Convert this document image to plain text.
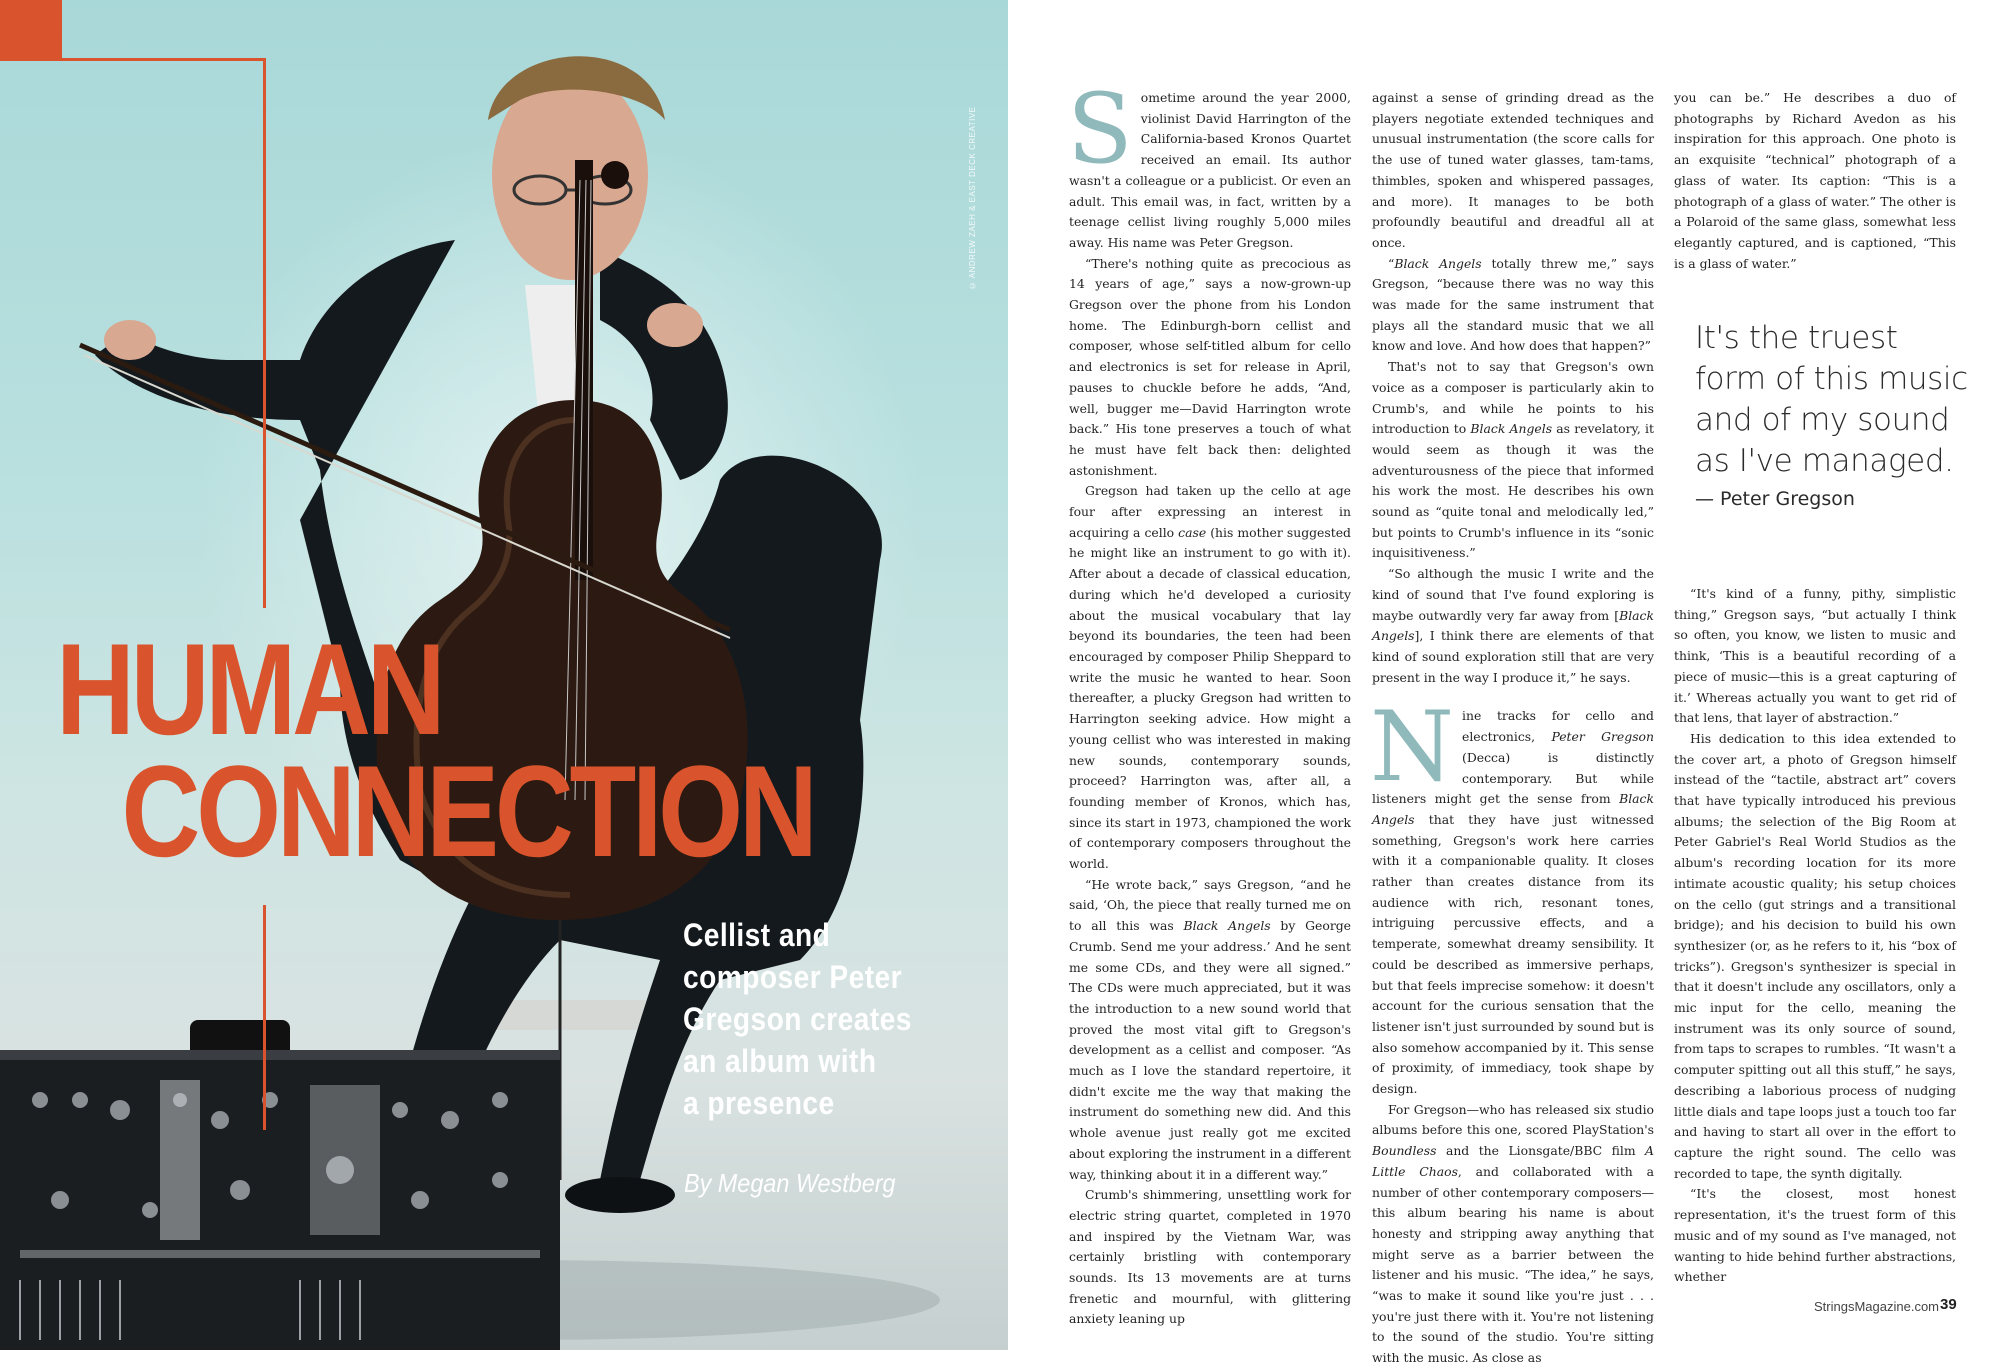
© ANDREW ZAEH & EAST DECK CREATIVE
HUMAN
CONNECTION
Cellist and
composer Peter
Gregson creates
an album with
a presence
By Megan Westberg

Sometime around the year 2000, violinist David Harrington of the California-based Kronos Quartet received an email. Its author wasn't a colleague or a publicist. Or even an adult. This email was, in fact, written by a teenage cellist living roughly 5,000 miles away. His name was Peter Gregson.

“There's nothing quite as precocious as 14 years of age,” says a now-grown-up Gregson over the phone from his London home. The Edinburgh-born cellist and composer, whose self-titled album for cello and electronics is set for release in April, pauses to chuckle before he adds, “And, well, bugger me—David Harrington wrote back.” His tone preserves a touch of what he must have felt back then: delighted astonishment.

Gregson had taken up the cello at age four after expressing an interest in acquiring a cello case (his mother suggested he might like an instrument to go with it). After about a decade of classical education, during which he'd developed a curiosity about the musical vocabulary that lay beyond its boundaries, the teen had been encouraged by composer Philip Sheppard to write the music he wanted to hear. Soon thereafter, a plucky Gregson had written to Harrington seeking advice. How might a young cellist who was interested in making new sounds, contemporary sounds, proceed? Harrington was, after all, a founding member of Kronos, which has, since its start in 1973, championed the work of contemporary composers throughout the world.

“He wrote back,” says Gregson, “and he said, ‘Oh, the piece that really turned me on to all this was Black Angels by George Crumb. Send me your address.’ And he sent me some CDs, and they were all signed.” The CDs were much appreciated, but it was the introduction to a new sound world that proved the most vital gift to Gregson's development as a cellist and composer. “As much as I love the standard repertoire, it didn't excite me the way that making the instrument do something new did. And this whole avenue just really got me excited about exploring the instrument in a different way, thinking about it in a different way.”

Crumb's shimmering, unsettling work for electric string quartet, completed in 1970 and inspired by the Vietnam War, was certainly bristling with contemporary sounds. Its 13 movements are at turns frenetic and mournful, with glittering anxiety leaning up

against a sense of grinding dread as the players negotiate extended techniques and unusual instrumentation (the score calls for the use of tuned water glasses, tam-tams, thimbles, spoken and whispered passages, and more). It manages to be both profoundly beautiful and dreadful all at once.

“Black Angels totally threw me,” says Gregson, “because there was no way this was made for the same instrument that plays all the standard music that we all know and love. And how does that happen?”

That's not to say that Gregson's own voice as a composer is particularly akin to Crumb's, and while he points to his introduction to Black Angels as revelatory, it would seem as though it was the adventurousness of the piece that informed his work the most. He describes his own sound as “quite tonal and melodically led,” but points to Crumb's influence in its “sonic inquisitiveness.”

“So although the music I write and the kind of sound that I've found exploring is maybe outwardly very far away from [Black Angels], I think there are elements of that kind of sound exploration still that are very present in the way I produce it,” he says.

Nine tracks for cello and electronics, Peter Gregson (Decca) is distinctly contemporary. But while listeners might get the sense from Black Angels that they have just witnessed something, Gregson's work here carries with it a companionable quality. It closes rather than creates distance from its audience with rich, resonant tones, intriguing percussive effects, and a temperate, somewhat dreamy sensibility. It could be described as immersive perhaps, but that feels imprecise somehow: it doesn't account for the curious sensation that the listener isn't just surrounded by sound but is also somehow accompanied by it. This sense of proximity, of immediacy, took shape by design.

For Gregson—who has released six studio albums before this one, scored PlayStation's Boundless and the Lionsgate/BBC film A Little Chaos, and collaborated with a number of other contemporary composers—this album bearing his name is about honesty and stripping away anything that might serve as a barrier between the listener and his music. “The idea,” he says, “was to make it sound like you're just . . . you're just there with it. You're not listening to the sound of the studio. You're sitting with the music. As close as

you can be.” He describes a duo of photographs by Richard Avedon as his inspiration for this approach. One photo is an exquisite “technical” photograph of a glass of water. Its caption: “This is a photograph of a glass of water.” The other is a Polaroid of the same glass, somewhat less elegantly captured, and is captioned, “This is a glass of water.”

It's the truest form of this music and of my sound as I've managed.
— Peter Gregson

“It's kind of a funny, pithy, simplistic thing,” Gregson says, “but actually I think so often, you know, we listen to music and think, ‘This is a beautiful recording of a piece of music—this is a great capturing of it.’ Whereas actually you want to get rid of that lens, that layer of abstraction.”

His dedication to this idea extended to the cover art, a photo of Gregson himself instead of the “tactile, abstract art” covers that have typically introduced his previous albums; the selection of the Big Room at Peter Gabriel's Real World Studios as the album's recording location for its more intimate acoustic quality; his setup choices on the cello (gut strings and a transitional bridge); and his decision to build his own synthesizer (or, as he refers to it, his “box of tricks”). Gregson's synthesizer is special in that it doesn't include any oscillators, only a mic input for the cello, meaning the instrument was its only source of sound, from taps to scrapes to rumbles. “It wasn't a computer spitting out all this stuff,” he says, describing a laborious process of nudging little dials and tape loops just a touch too far and having to start all over in the effort to capture the right sound. The cello was recorded to tape, the synth digitally.

“It's the closest, most honest representation, it's the truest form of this music and of my sound as I've managed, not wanting to hide behind further abstractions, whether

StringsMagazine.com 39
